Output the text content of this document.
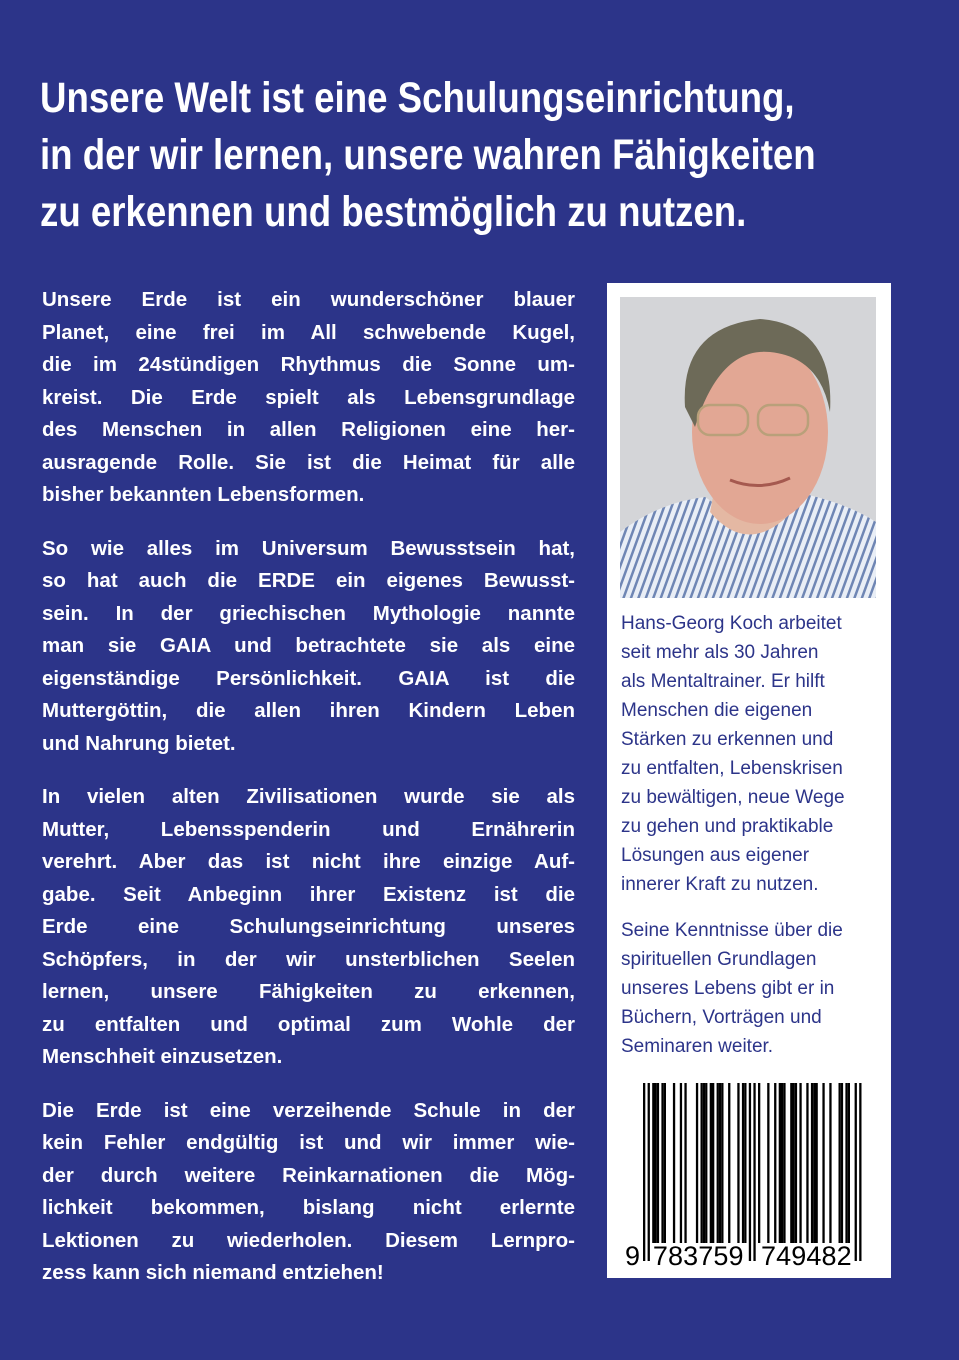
Unsere Welt ist eine Schulungseinrichtung,
in der wir lernen, unsere wahren Fähigkeiten
zu erkennen und bestmöglich zu nutzen.
Unsere Erde ist ein wunderschöner blauer
Planet, eine frei im All schwebende Kugel,
die im 24stündigen Rhythmus die Sonne um-
kreist. Die Erde spielt als Lebensgrundlage
des Menschen in allen Religionen eine her-
ausragende Rolle. Sie ist die Heimat für alle
bisher bekannten Lebensformen.
So wie alles im Universum Bewusstsein hat,
so hat auch die ERDE ein eigenes Bewusst-
sein. In der griechischen Mythologie nannte
man sie GAIA und betrachtete sie als eine
eigenständige Persönlichkeit. GAIA ist die
Muttergöttin, die allen ihren Kindern Leben
und Nahrung bietet.
In vielen alten Zivilisationen wurde sie als
Mutter, Lebensspenderin und Ernährerin
verehrt. Aber das ist nicht ihre einzige Auf-
gabe. Seit Anbeginn ihrer Existenz ist die
Erde eine Schulungseinrichtung unseres
Schöpfers, in der wir unsterblichen Seelen
lernen, unsere Fähigkeiten zu erkennen,
zu entfalten und optimal zum Wohle der
Menschheit einzusetzen.
Die Erde ist eine verzeihende Schule in der
kein Fehler endgültig ist und wir immer wie-
der durch weitere Reinkarnationen die Mög-
lichkeit bekommen, bislang nicht erlernte
Lektionen zu wiederholen. Diesem Lernpro-
zess kann sich niemand entziehen!
Hans-Georg Koch arbeitet
seit mehr als 30 Jahren
als Mentaltrainer. Er hilft
Menschen die eigenen
Stärken zu erkennen und
zu entfalten, Lebenskrisen
zu bewältigen, neue Wege
zu gehen und praktikable
Lösungen aus eigener
innerer Kraft zu nutzen.
Seine Kenntnisse über die
spirituellen Grundlagen
unseres Lebens gibt er in
Büchern, Vorträgen und
Seminaren weiter.
9 783759 749482
